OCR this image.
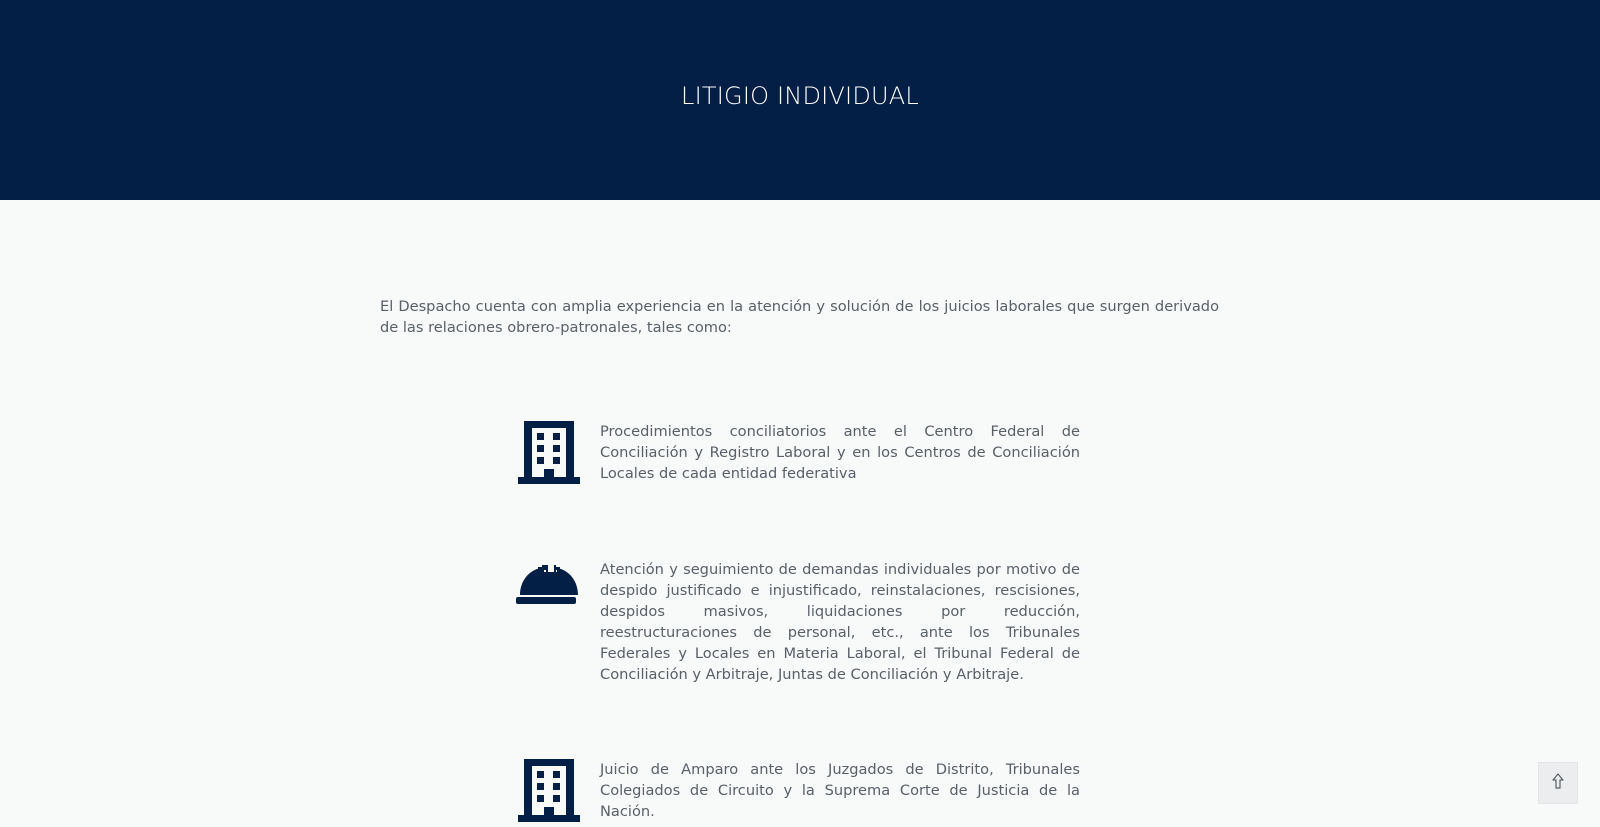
LITIGIO INDIVIDUAL

El Despacho cuenta con amplia experiencia en la atención y solución de los juicios laborales que surgen derivado de las relaciones obrero-patronales, tales como:

Procedimientos conciliatorios ante el Centro Federal de Conciliación y Registro Laboral y en los Centros de Conciliación Locales de cada entidad federativa

Atención y seguimiento de demandas individuales por motivo de despido justificado e injustificado, reinstalaciones, rescisiones, despidos masivos, liquidaciones por reducción, reestructuraciones de personal, etc., ante los Tribunales Federales y Locales en Materia Laboral, el Tribunal Federal de Conciliación y Arbitraje, Juntas de Conciliación y Arbitraje.

Juicio de Amparo ante los Juzgados de Distrito, Tribunales Colegiados de Circuito y la Suprema Corte de Justicia de la Nación.
